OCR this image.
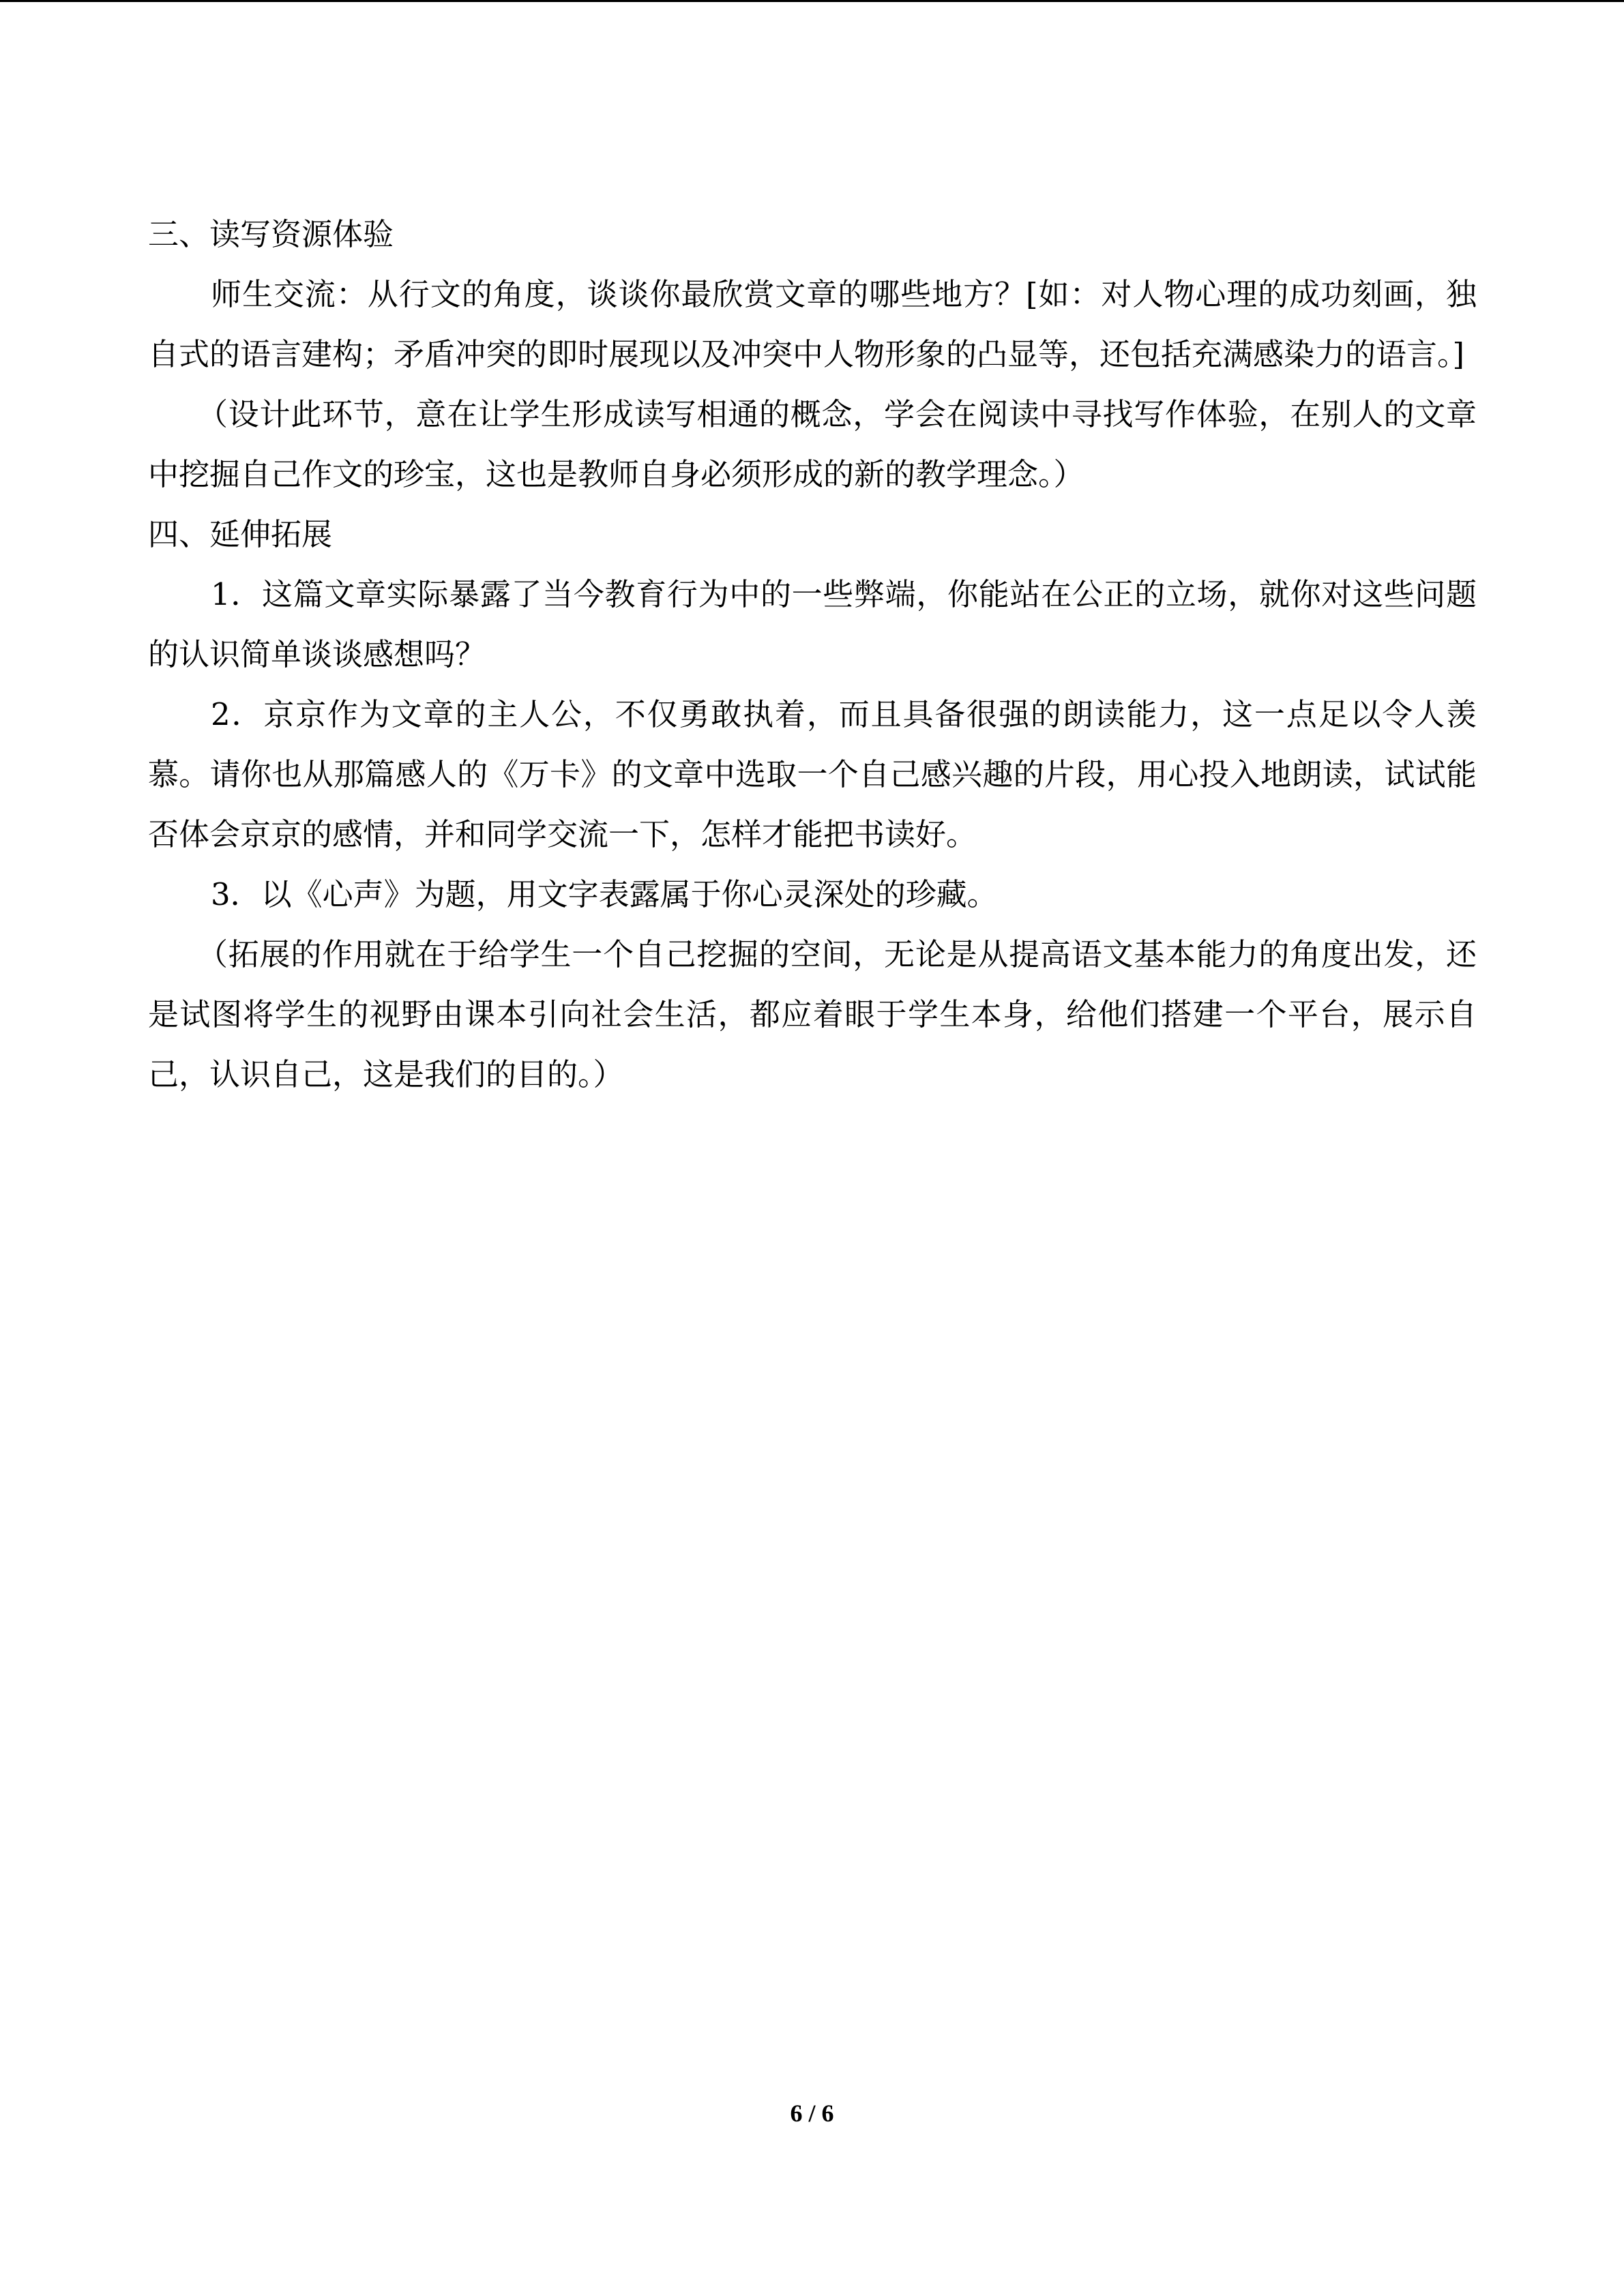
三、读写资源体验

师生交流：从行文的角度，谈谈你最欣赏文章的哪些地方？[如：对人物心理的成功刻画，独自式的语言建构；矛盾冲突的即时展现以及冲突中人物形象的凸显等，还包括充满感染力的语言。]

（设计此环节，意在让学生形成读写相通的概念，学会在阅读中寻找写作体验，在别人的文章中挖掘自己作文的珍宝，这也是教师自身必须形成的新的教学理念。）

四、延伸拓展

1．这篇文章实际暴露了当今教育行为中的一些弊端，你能站在公正的立场，就你对这些问题的认识简单谈谈感想吗？

2．京京作为文章的主人公，不仅勇敢执着，而且具备很强的朗读能力，这一点足以令人羡慕。请你也从那篇感人的《万卡》的文章中选取一个自己感兴趣的片段，用心投入地朗读，试试能否体会京京的感情，并和同学交流一下，怎样才能把书读好。

3．以《心声》为题，用文字表露属于你心灵深处的珍藏。

（拓展的作用就在于给学生一个自己挖掘的空间，无论是从提高语文基本能力的角度出发，还是试图将学生的视野由课本引向社会生活，都应着眼于学生本身，给他们搭建一个平台，展示自己，认识自己，这是我们的目的。）

6 / 6
